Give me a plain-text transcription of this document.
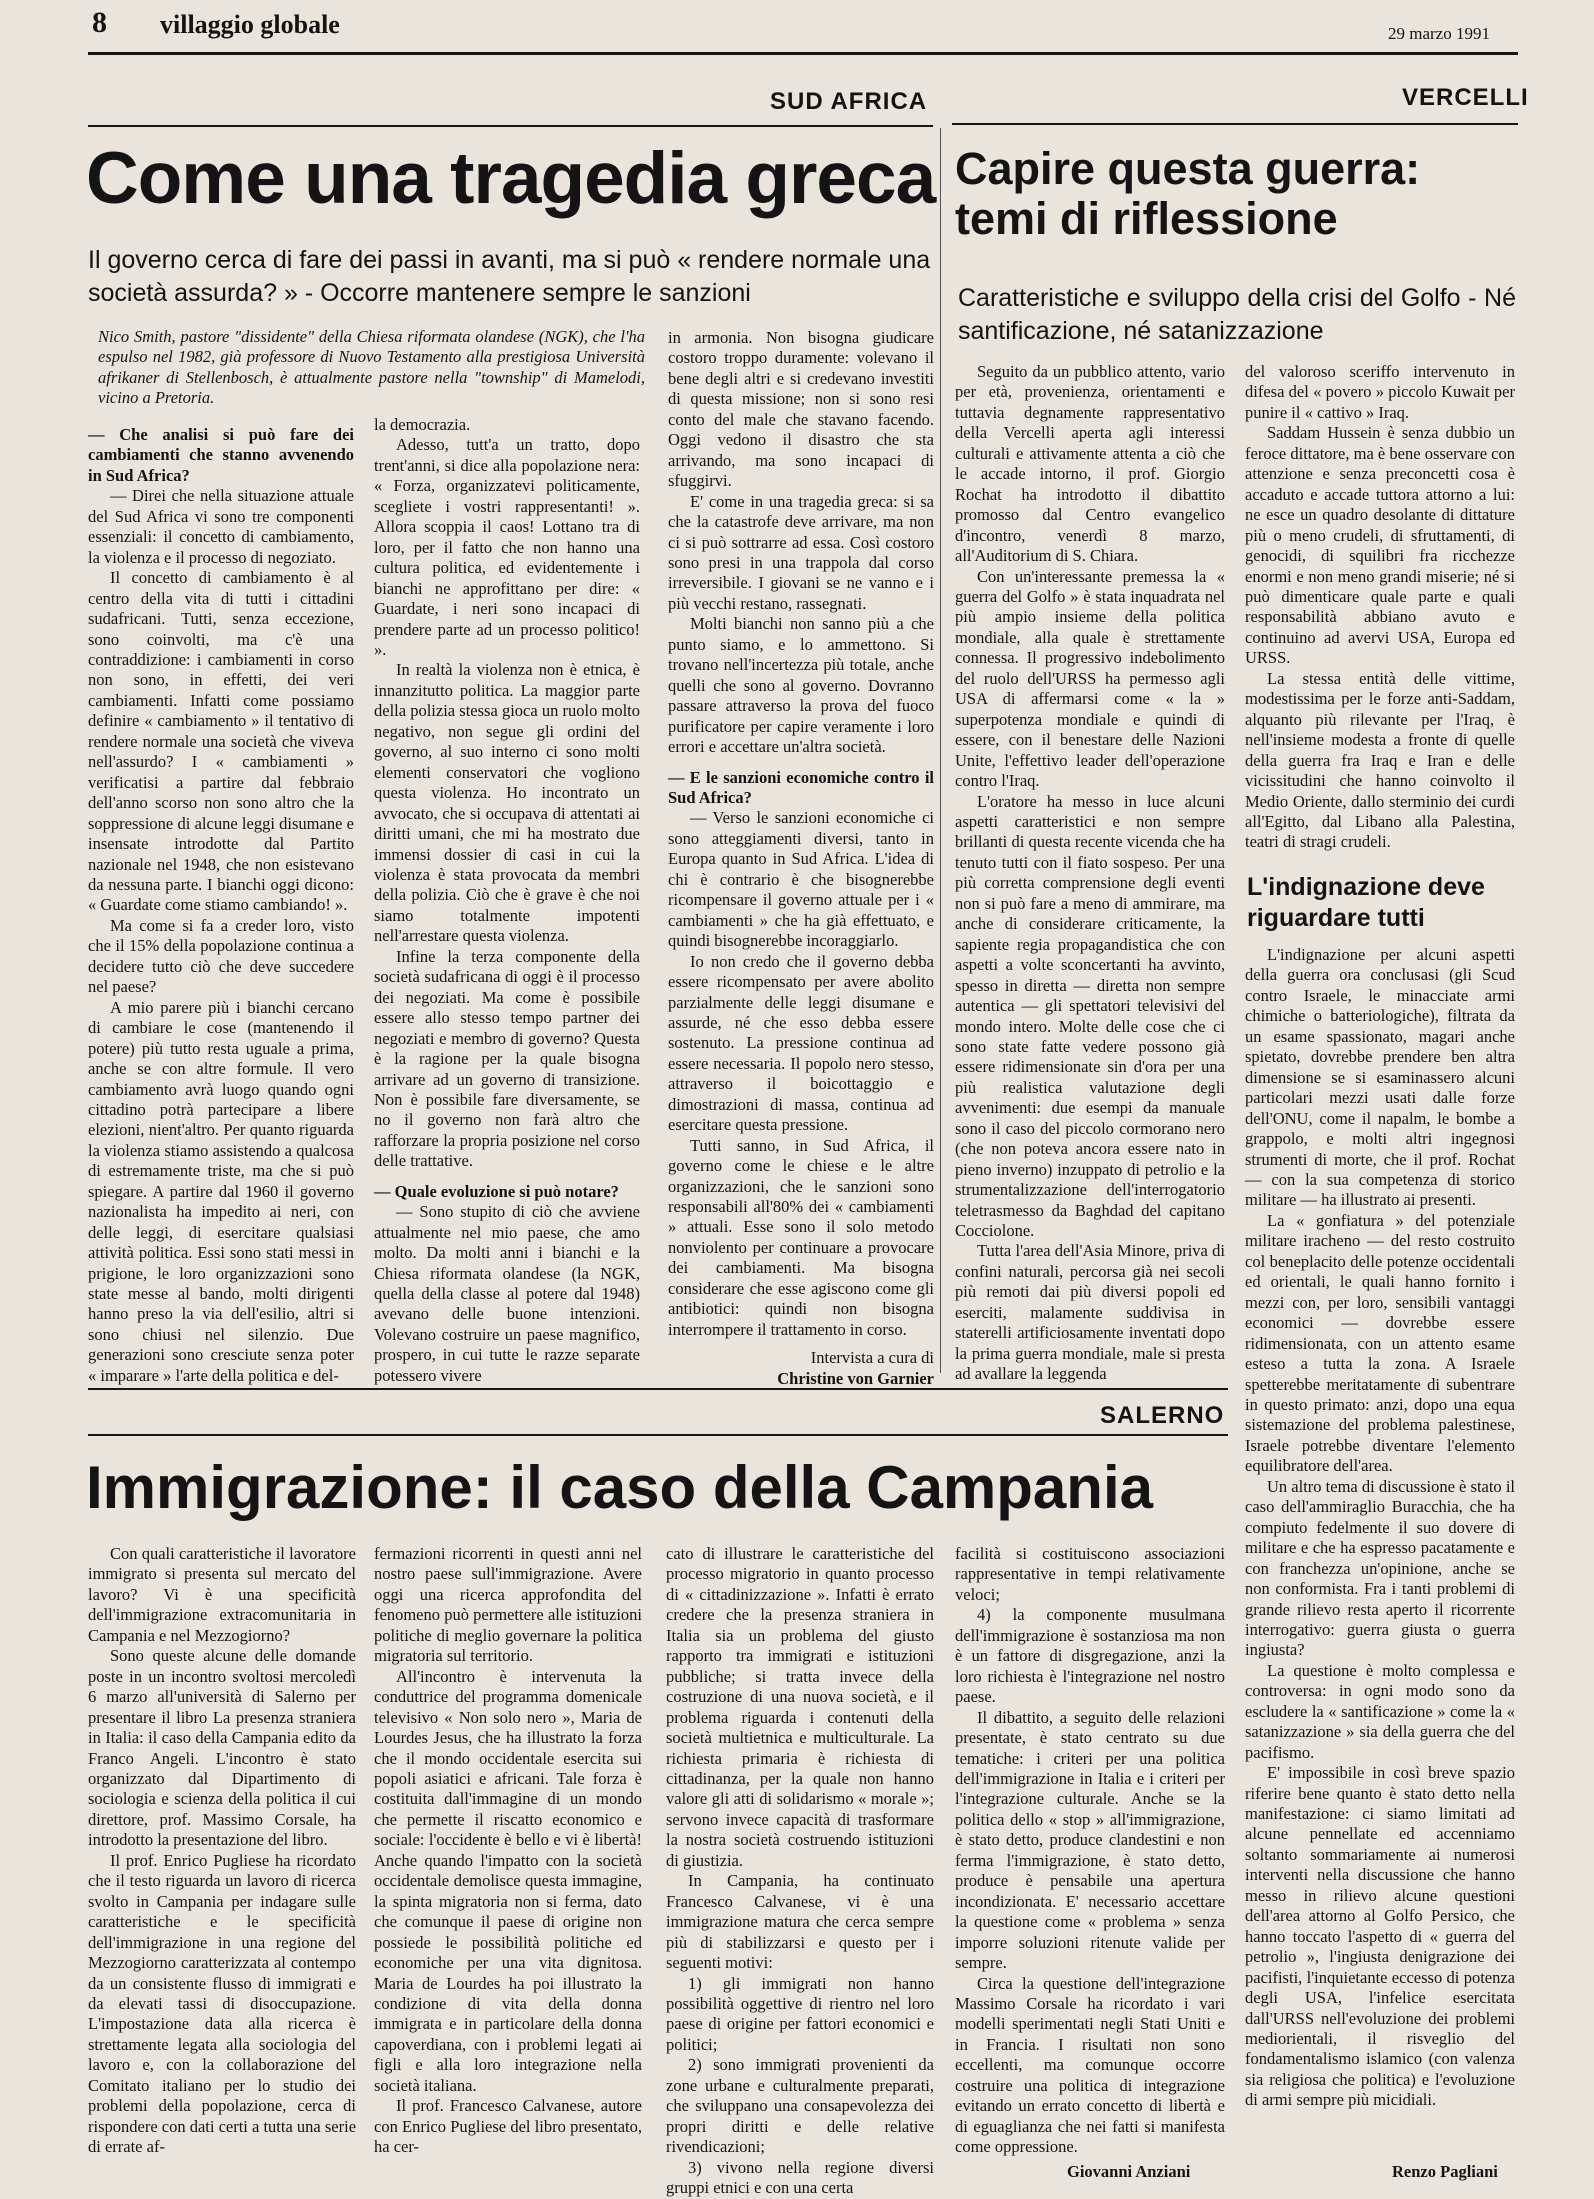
8 villaggio globale	29 marzo 1991
SUD AFRICA	VERCELLI
Come una tragedia greca
Il governo cerca di fare dei passi in avanti, ma si può « rendere normale una società assurda? » - Occorre mantenere sempre le sanzioni
Nico Smith, pastore "dissidente" della Chiesa riformata olandese (NGK), che l'ha espulso nel 1982, già professore di Nuovo Testamento alla prestigiosa Università afrikaner di Stellenbosch, è attualmente pastore nella "township" di Mamelodi, vicino a Pretoria.

— Che analisi si può fare dei cambiamenti che stanno avvenendo in Sud Africa?

— Direi che nella situazione attuale del Sud Africa vi sono tre componenti essenziali: il concetto di cambiamento, la violenza e il processo di negoziato.

Il concetto di cambiamento è al centro della vita di tutti i cittadini sudafricani. Tutti, senza eccezione, sono coinvolti, ma c'è una contraddizione: i cambiamenti in corso non sono, in effetti, dei veri cambiamenti. Infatti come possiamo definire « cambiamento » il tentativo di rendere normale una società che viveva nell'assurdo? I « cambiamenti » verificatisi a partire dal febbraio dell'anno scorso non sono altro che la soppressione di alcune leggi disumane e insensate introdotte dal Partito nazionale nel 1948, che non esistevano da nessuna parte. I bianchi oggi dicono: « Guardate come stiamo cambiando! ».

Ma come si fa a creder loro, visto che il 15% della popolazione continua a decidere tutto ciò che deve succedere nel paese?

A mio parere più i bianchi cercano di cambiare le cose (mantenendo il potere) più tutto resta uguale a prima, anche se con altre formule. Il vero cambiamento avrà luogo quando ogni cittadino potrà partecipare a libere elezioni, nient'altro. Per quanto riguarda la violenza stiamo assistendo a qualcosa di estremamente triste, ma che si può spiegare. A partire dal 1960 il governo nazionalista ha impedito ai neri, con delle leggi, di esercitare qualsiasi attività politica. Essi sono stati messi in prigione, le loro organizzazioni sono state messe al bando, molti dirigenti hanno preso la via dell'esilio, altri si sono chiusi nel silenzio. Due generazioni sono cresciute senza poter « imparare » l'arte della politica e del-

la democrazia.

Adesso, tutt'a un tratto, dopo trent'anni, si dice alla popolazione nera: « Forza, organizzatevi politicamente, scegliete i vostri rappresentanti! ». Allora scoppia il caos! Lottano tra di loro, per il fatto che non hanno una cultura politica, ed evidentemente i bianchi ne approfittano per dire: « Guardate, i neri sono incapaci di prendere parte ad un processo politico! ».

In realtà la violenza non è etnica, è innanzitutto politica. La maggior parte della polizia stessa gioca un ruolo molto negativo, non segue gli ordini del governo, al suo interno ci sono molti elementi conservatori che vogliono questa violenza. Ho incontrato un avvocato, che si occupava di attentati ai diritti umani, che mi ha mostrato due immensi dossier di casi in cui la violenza è stata provocata da membri della polizia. Ciò che è grave è che noi siamo totalmente impotenti nell'arrestare questa violenza.

Infine la terza componente della società sudafricana di oggi è il processo dei negoziati. Ma come è possibile essere allo stesso tempo partner dei negoziati e membro di governo? Questa è la ragione per la quale bisogna arrivare ad un governo di transizione. Non è possibile fare diversamente, se no il governo non farà altro che rafforzare la propria posizione nel corso delle trattative.

— Quale evoluzione si può notare?

— Sono stupito di ciò che avviene attualmente nel mio paese, che amo molto. Da molti anni i bianchi e la Chiesa riformata olandese (la NGK, quella della classe al potere dal 1948) avevano delle buone intenzioni. Volevano costruire un paese magnifico, prospero, in cui tutte le razze separate potessero vivere

in armonia. Non bisogna giudicare costoro troppo duramente: volevano il bene degli altri e si credevano investiti di questa missione; non si sono resi conto del male che stavano facendo. Oggi vedono il disastro che sta arrivando, ma sono incapaci di sfuggirvi.

E' come in una tragedia greca: si sa che la catastrofe deve arrivare, ma non ci si può sottrarre ad essa. Così costoro sono presi in una trappola dal corso irreversibile. I giovani se ne vanno e i più vecchi restano, rassegnati.

Molti bianchi non sanno più a che punto siamo, e lo ammettono. Si trovano nell'incertezza più totale, anche quelli che sono al governo. Dovranno passare attraverso la prova del fuoco purificatore per capire veramente i loro errori e accettare un'altra società.

— E le sanzioni economiche contro il Sud Africa?

— Verso le sanzioni economiche ci sono atteggiamenti diversi, tanto in Europa quanto in Sud Africa. L'idea di chi è contrario è che bisognerebbe ricompensare il governo attuale per i « cambiamenti » che ha già effettuato, e quindi bisognerebbe incoraggiarlo.

Io non credo che il governo debba essere ricompensato per avere abolito parzialmente delle leggi disumane e assurde, né che esso debba essere sostenuto. La pressione continua ad essere necessaria. Il popolo nero stesso, attraverso il boicottaggio e dimostrazioni di massa, continua ad esercitare questa pressione.

Tutti sanno, in Sud Africa, il governo come le chiese e le altre organizzazioni, che le sanzioni sono responsabili all'80% dei « cambiamenti » attuali. Esse sono il solo metodo nonviolento per continuare a provocare dei cambiamenti. Ma bisogna considerare che esse agiscono come gli antibiotici: quindi non bisogna interrompere il trattamento in corso.

Intervista a cura di

Christine von Garnier

Capire questa guerra: temi di riflessione
Caratteristiche e sviluppo della crisi del Golfo - Né santificazione, né satanizzazione

Seguito da un pubblico attento, vario per età, provenienza, orientamenti e tuttavia degnamente rappresentativo della Vercelli aperta agli interessi culturali e attivamente attenta a ciò che le accade intorno, il prof. Giorgio Rochat ha introdotto il dibattito promosso dal Centro evangelico d'incontro, venerdì 8 marzo, all'Auditorium di S. Chiara.

Con un'interessante premessa la « guerra del Golfo » è stata inquadrata nel più ampio insieme della politica mondiale, alla quale è strettamente connessa. Il progressivo indebolimento del ruolo dell'URSS ha permesso agli USA di affermarsi come « la » superpotenza mondiale e quindi di essere, con il benestare delle Nazioni Unite, l'effettivo leader dell'operazione contro l'Iraq.

L'oratore ha messo in luce alcuni aspetti caratteristici e non sempre brillanti di questa recente vicenda che ha tenuto tutti con il fiato sospeso. Per una più corretta comprensione degli eventi non si può fare a meno di ammirare, ma anche di considerare criticamente, la sapiente regia propagandistica che con aspetti a volte sconcertanti ha avvinto, spesso in diretta — diretta non sempre autentica — gli spettatori televisivi del mondo intero. Molte delle cose che ci sono state fatte vedere possono già essere ridimensionate sin d'ora per una più realistica valutazione degli avvenimenti: due esempi da manuale sono il caso del piccolo cormorano nero (che non poteva ancora essere nato in pieno inverno) inzuppato di petrolio e la strumentalizzazione dell'interrogatorio teletrasmesso da Baghdad del capitano Cocciolone.

Tutta l'area dell'Asia Minore, priva di confini naturali, percorsa già nei secoli più remoti dai più diversi popoli ed eserciti, malamente suddivisa in staterelli artificiosamente inventati dopo la prima guerra mondiale, male si presta ad avallare la leggenda

del valoroso sceriffo intervenuto in difesa del « povero » piccolo Kuwait per punire il « cattivo » Iraq.

Saddam Hussein è senza dubbio un feroce dittatore, ma è bene osservare con attenzione e senza preconcetti cosa è accaduto e accade tuttora attorno a lui: ne esce un quadro desolante di dittature più o meno crudeli, di sfruttamenti, di genocidi, di squilibri fra ricchezze enormi e non meno grandi miserie; né si può dimenticare quale parte e quali responsabilità abbiano avuto e continuino ad avervi USA, Europa ed URSS.

La stessa entità delle vittime, modestissima per le forze anti-Saddam, alquanto più rilevante per l'Iraq, è nell'insieme modesta a fronte di quelle della guerra fra Iraq e Iran e delle vicissitudini che hanno coinvolto il Medio Oriente, dallo sterminio dei curdi all'Egitto, dal Libano alla Palestina, teatri di stragi crudeli.

L'indignazione deve riguardare tutti

L'indignazione per alcuni aspetti della guerra ora conclusasi (gli Scud contro Israele, le minacciate armi chimiche o batteriologiche), filtrata da un esame spassionato, magari anche spietato, dovrebbe prendere ben altra dimensione se si esaminassero alcuni particolari mezzi usati dalle forze dell'ONU, come il napalm, le bombe a grappolo, e molti altri ingegnosi strumenti di morte, che il prof. Rochat — con la sua competenza di storico militare — ha illustrato ai presenti.

La « gonfiatura » del potenziale militare iracheno — del resto costruito col beneplacito delle potenze occidentali ed orientali, le quali hanno fornito i mezzi con, per loro, sensibili vantaggi economici — dovrebbe essere ridimensionata, con un attento esame esteso a tutta la zona. A Israele spetterebbe meritatamente di subentrare in questo primato: anzi, dopo una equa sistemazione del problema palestinese, Israele potrebbe diventare l'elemento equilibratore dell'area.

Un altro tema di discussione è stato il caso dell'ammiraglio Buracchia, che ha compiuto fedelmente il suo dovere di militare e che ha espresso pacatamente e con franchezza un'opinione, anche se non conformista. Fra i tanti problemi di grande rilievo resta aperto il ricorrente interrogativo: guerra giusta o guerra ingiusta?

La questione è molto complessa e controversa: in ogni modo sono da escludere la « santificazione » come la « satanizzazione » sia della guerra che del pacifismo.

E' impossibile in così breve spazio riferire bene quanto è stato detto nella manifestazione: ci siamo limitati ad alcune pennellate ed accenniamo soltanto sommariamente ai numerosi interventi nella discussione che hanno messo in rilievo alcune questioni dell'area attorno al Golfo Persico, che hanno toccato l'aspetto di « guerra del petrolio », l'ingiusta denigrazione dei pacifisti, l'inquietante eccesso di potenza degli USA, l'infelice esercitata dall'URSS nell'evoluzione dei problemi mediorientali, il risveglio del fondamentalismo islamico (con valenza sia religiosa che politica) e l'evoluzione di armi sempre più micidiali.

Renzo Pagliani
SALERNO
Immigrazione: il caso della Campania

Con quali caratteristiche il lavoratore immigrato si presenta sul mercato del lavoro? Vi è una specificità dell'immigrazione extracomunitaria in Campania e nel Mezzogiorno?

Sono queste alcune delle domande poste in un incontro svoltosi mercoledì 6 marzo all'università di Salerno per presentare il libro La presenza straniera in Italia: il caso della Campania edito da Franco Angeli. L'incontro è stato organizzato dal Dipartimento di sociologia e scienza della politica il cui direttore, prof. Massimo Corsale, ha introdotto la presentazione del libro.

Il prof. Enrico Pugliese ha ricordato che il testo riguarda un lavoro di ricerca svolto in Campania per indagare sulle caratteristiche e le specificità dell'immigrazione in una regione del Mezzogiorno caratterizzata al contempo da un consistente flusso di immigrati e da elevati tassi di disoccupazione. L'impostazione data alla ricerca è strettamente legata alla sociologia del lavoro e, con la collaborazione del Comitato italiano per lo studio dei problemi della popolazione, cerca di rispondere con dati certi a tutta una serie di errate af-

fermazioni ricorrenti in questi anni nel nostro paese sull'immigrazione. Avere oggi una ricerca approfondita del fenomeno può permettere alle istituzioni politiche di meglio governare la politica migratoria sul territorio.

All'incontro è intervenuta la conduttrice del programma domenicale televisivo « Non solo nero », Maria de Lourdes Jesus, che ha illustrato la forza che il mondo occidentale esercita sui popoli asiatici e africani. Tale forza è costituita dall'immagine di un mondo che permette il riscatto economico e sociale: l'occidente è bello e vi è libertà! Anche quando l'impatto con la società occidentale demolisce questa immagine, la spinta migratoria non si ferma, dato che comunque il paese di origine non possiede le possibilità politiche ed economiche per una vita dignitosa. Maria de Lourdes ha poi illustrato la condizione di vita della donna immigrata e in particolare della donna capoverdiana, con i problemi legati ai figli e alla loro integrazione nella società italiana.

Il prof. Francesco Calvanese, autore con Enrico Pugliese del libro presentato, ha cer-

cato di illustrare le caratteristiche del processo migratorio in quanto processo di « cittadinizzazione ». Infatti è errato credere che la presenza straniera in Italia sia un problema del giusto rapporto tra immigrati e istituzioni pubbliche; si tratta invece della costruzione di una nuova società, e il problema riguarda i contenuti della società multietnica e multiculturale. La richiesta primaria è richiesta di cittadinanza, per la quale non hanno valore gli atti di solidarismo « morale »; servono invece capacità di trasformare la nostra società costruendo istituzioni di giustizia.

In Campania, ha continuato Francesco Calvanese, vi è una immigrazione matura che cerca sempre più di stabilizzarsi e questo per i seguenti motivi:

1) gli immigrati non hanno possibilità oggettive di rientro nel loro paese di origine per fattori economici e politici;

2) sono immigrati provenienti da zone urbane e culturalmente preparati, che sviluppano una consapevolezza dei propri diritti e delle relative rivendicazioni;

3) vivono nella regione diversi gruppi etnici e con una certa

facilità si costituiscono associazioni rappresentative in tempi relativamente veloci;

4) la componente musulmana dell'immigrazione è sostanziosa ma non è un fattore di disgregazione, anzi la loro richiesta è l'integrazione nel nostro paese.

Il dibattito, a seguito delle relazioni presentate, è stato centrato su due tematiche: i criteri per una politica dell'immigrazione in Italia e i criteri per l'integrazione culturale. Anche se la politica dello « stop » all'immigrazione, è stato detto, produce clandestini e non ferma l'immigrazione, è stato detto, produce è pensabile una apertura incondizionata. E' necessario accettare la questione come « problema » senza imporre soluzioni ritenute valide per sempre.

Circa la questione dell'integrazione Massimo Corsale ha ricordato i vari modelli sperimentati negli Stati Uniti e in Francia. I risultati non sono eccellenti, ma comunque occorre costruire una politica di integrazione evitando un errato concetto di libertà e di eguaglianza che nei fatti si manifesta come oppressione.

Giovanni Anziani
